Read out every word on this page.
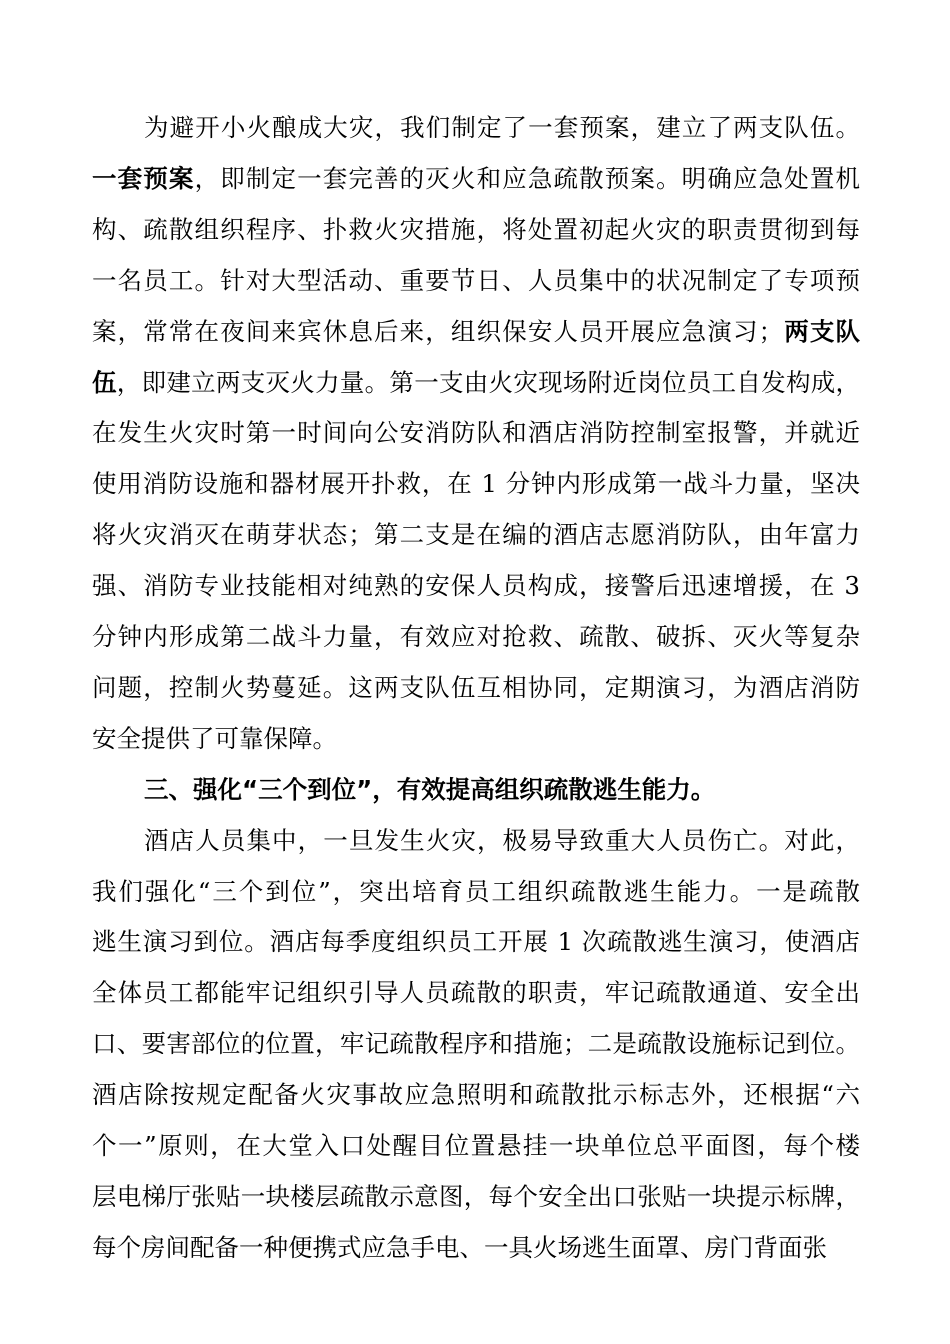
为避开小火酿成大灾，我们制定了一套预案，建立了两支队伍。
一套预案，即制定一套完善的灭火和应急疏散预案。明确应急处置机
构、疏散组织程序、扑救火灾措施，将处置初起火灾的职责贯彻到每
一名员工。针对大型活动、重要节日、人员集中的状况制定了专项预
案，常常在夜间来宾休息后来，组织保安人员开展应急演习；两支队
伍，即建立两支灭火力量。第一支由火灾现场附近岗位员工自发构成，
在发生火灾时第一时间向公安消防队和酒店消防控制室报警，并就近
使用消防设施和器材展开扑救，在 1 分钟内形成第一战斗力量，坚决
将火灾消灭在萌芽状态；第二支是在编的酒店志愿消防队，由年富力
强、消防专业技能相对纯熟的安保人员构成，接警后迅速增援，在 3
分钟内形成第二战斗力量，有效应对抢救、疏散、破拆、灭火等复杂
问题，控制火势蔓延。这两支队伍互相协同，定期演习，为酒店消防
安全提供了可靠保障。
三、强化“三个到位”，有效提高组织疏散逃生能力。
酒店人员集中，一旦发生火灾，极易导致重大人员伤亡。对此，
我们强化“三个到位”，突出培育员工组织疏散逃生能力。一是疏散
逃生演习到位。酒店每季度组织员工开展 1 次疏散逃生演习，使酒店
全体员工都能牢记组织引导人员疏散的职责，牢记疏散通道、安全出
口、要害部位的位置，牢记疏散程序和措施；二是疏散设施标记到位。
酒店除按规定配备火灾事故应急照明和疏散批示标志外，还根据“六
个一”原则，在大堂入口处醒目位置悬挂一块单位总平面图，每个楼
层电梯厅张贴一块楼层疏散示意图，每个安全出口张贴一块提示标牌，
每个房间配备一种便携式应急手电、一具火场逃生面罩、房门背面张
